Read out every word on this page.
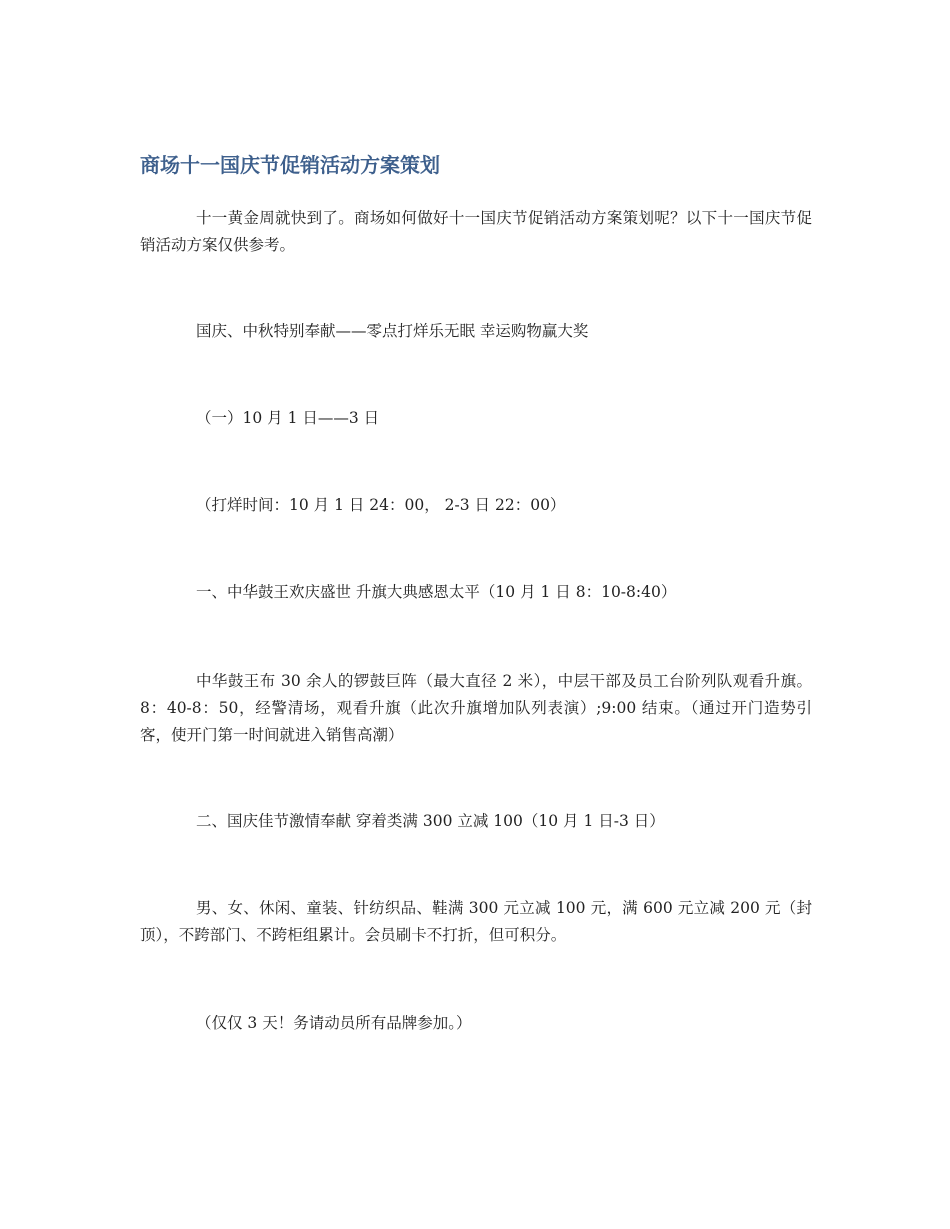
商场十一国庆节促销活动方案策划

十一黄金周就快到了。商场如何做好十一国庆节促销活动方案策划呢？以下十一国庆节促销活动方案仅供参考。

国庆、中秋特别奉献——零点打烊乐无眠 幸运购物赢大奖

（一）10 月 1 日——3 日

（打烊时间：10 月 1 日 24：00， 2-3 日 22：00）

一、中华鼓王欢庆盛世 升旗大典感恩太平（10 月 1 日 8：10-8:40）

中华鼓王布 30 余人的锣鼓巨阵（最大直径 2 米），中层干部及员工台阶列队观看升旗。8：40-8：50，经警清场，观看升旗（此次升旗增加队列表演）;9:00 结束。（通过开门造势引客，使开门第一时间就进入销售高潮）

二、国庆佳节激情奉献 穿着类满 300 立减 100（10 月 1 日-3 日）

男、女、休闲、童装、针纺织品、鞋满 300 元立减 100 元，满 600 元立减 200 元（封顶），不跨部门、不跨柜组累计。会员刷卡不打折，但可积分。

（仅仅 3 天！务请动员所有品牌参加。）
